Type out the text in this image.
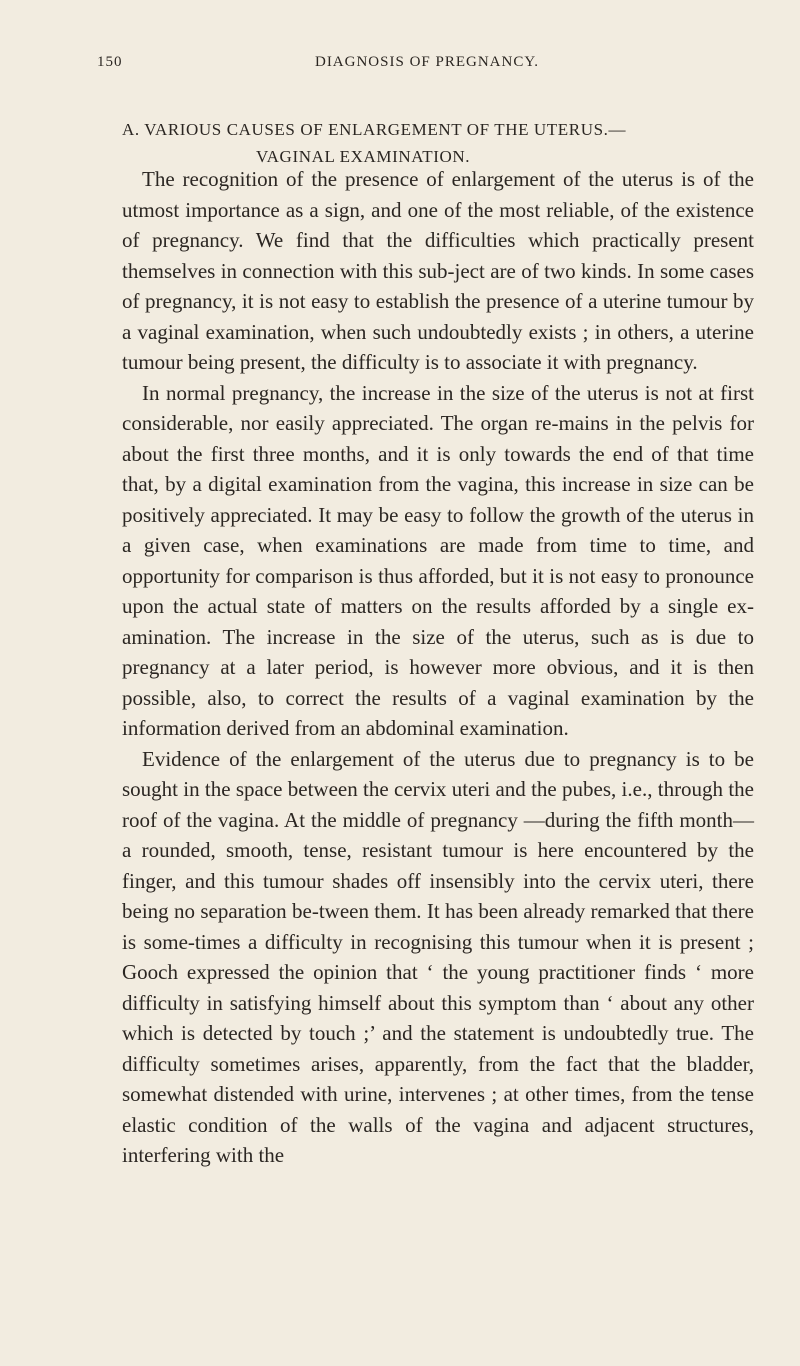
150	DIAGNOSIS OF PREGNANCY.
A. VARIOUS CAUSES OF ENLARGEMENT OF THE UTERUS.—
VAGINAL EXAMINATION.

The recognition of the presence of enlargement of the uterus is of the utmost importance as a sign, and one of the most reliable, of the existence of pregnancy. We find that the difficulties which practically present themselves in connection with this sub-ject are of two kinds. In some cases of pregnancy, it is not easy to establish the presence of a uterine tumour by a vaginal examination, when such undoubtedly exists ; in others, a uterine tumour being present, the difficulty is to associate it with pregnancy.

In normal pregnancy, the increase in the size of the uterus is not at first considerable, nor easily appreciated. The organ re-mains in the pelvis for about the first three months, and it is only towards the end of that time that, by a digital examination from the vagina, this increase in size can be positively appreciated. It may be easy to follow the growth of the uterus in a given case, when examinations are made from time to time, and opportunity for comparison is thus afforded, but it is not easy to pronounce upon the actual state of matters on the results afforded by a single ex-amination. The increase in the size of the uterus, such as is due to pregnancy at a later period, is however more obvious, and it is then possible, also, to correct the results of a vaginal examination by the information derived from an abdominal examination.

Evidence of the enlargement of the uterus due to pregnancy is to be sought in the space between the cervix uteri and the pubes, i.e., through the roof of the vagina. At the middle of pregnancy —during the fifth month—a rounded, smooth, tense, resistant tumour is here encountered by the finger, and this tumour shades off insensibly into the cervix uteri, there being no separation be-tween them. It has been already remarked that there is some-times a difficulty in recognising this tumour when it is present ; Gooch expressed the opinion that ‘ the young practitioner finds ‘ more difficulty in satisfying himself about this symptom than ‘ about any other which is detected by touch ;’ and the statement is undoubtedly true. The difficulty sometimes arises, apparently, from the fact that the bladder, somewhat distended with urine, intervenes ; at other times, from the tense elastic condition of the walls of the vagina and adjacent structures, interfering with the
